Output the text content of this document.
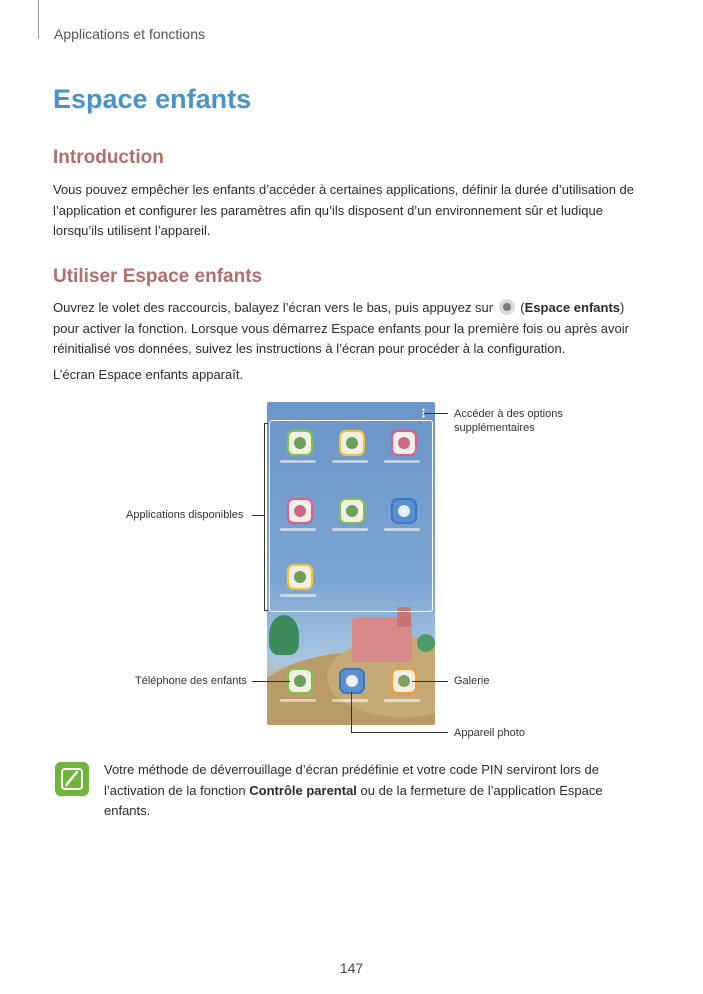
Applications et fonctions
Espace enfants
Introduction

Vous pouvez empêcher les enfants d’accéder à certaines applications, définir la durée d’utilisation de l’application et configurer les paramètres afin qu’ils disposent d’un environnement sûr et ludique lorsqu’ils utilisent l’appareil.

Utiliser Espace enfants

Ouvrez le volet des raccourcis, balayez l’écran vers le bas, puis appuyez sur  (Espace enfants) pour activer la fonction. Lorsque vous démarrez Espace enfants pour la première fois ou après avoir réinitialisé vos données, suivez les instructions à l’écran pour procéder à la configuration.

L’écran Espace enfants apparaît.

Accéder à des options supplémentaires
Applications disponibles
Téléphone des enfants	Galerie
Appareil photo

Votre méthode de déverrouillage d’écran prédéfinie et votre code PIN serviront lors de l’activation de la fonction Contrôle parental ou de la fermeture de l’application Espace enfants.

147
